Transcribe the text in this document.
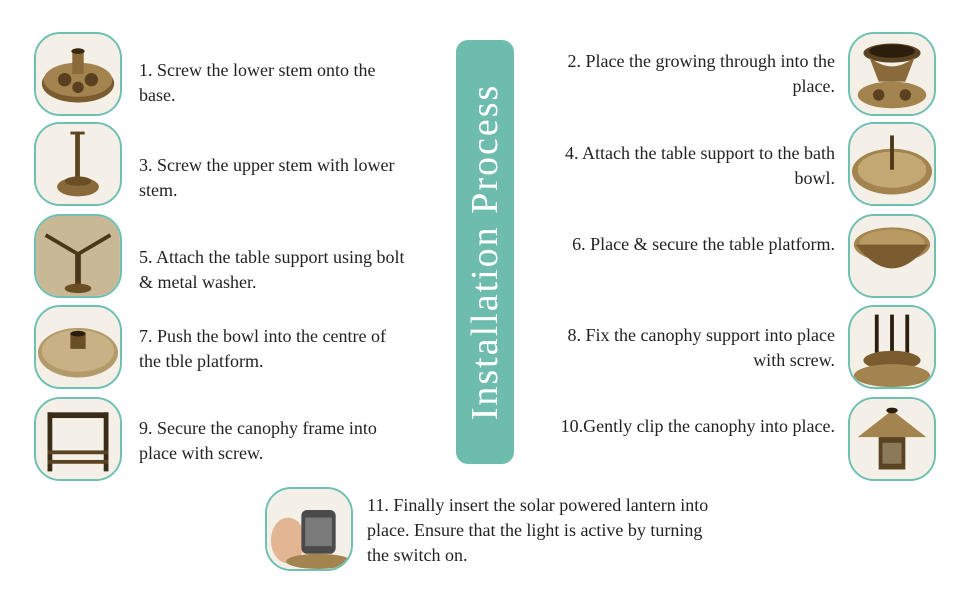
Installation Process
1. Screw the lower stem onto the base.
3. Screw the upper stem with lower stem.
5. Attach the table support using bolt & metal washer.
7. Push the bowl into the centre of the tble platform.
9. Secure the canophy frame into place with screw.
2. Place the growing through into the place.
4. Attach the table support to the bath bowl.
6. Place & secure the table platform.
8. Fix the canophy support into place with screw.
10.Gently clip the canophy into place.
11. Finally insert the solar powered lantern into place. Ensure that the light is active by turning the switch on.
